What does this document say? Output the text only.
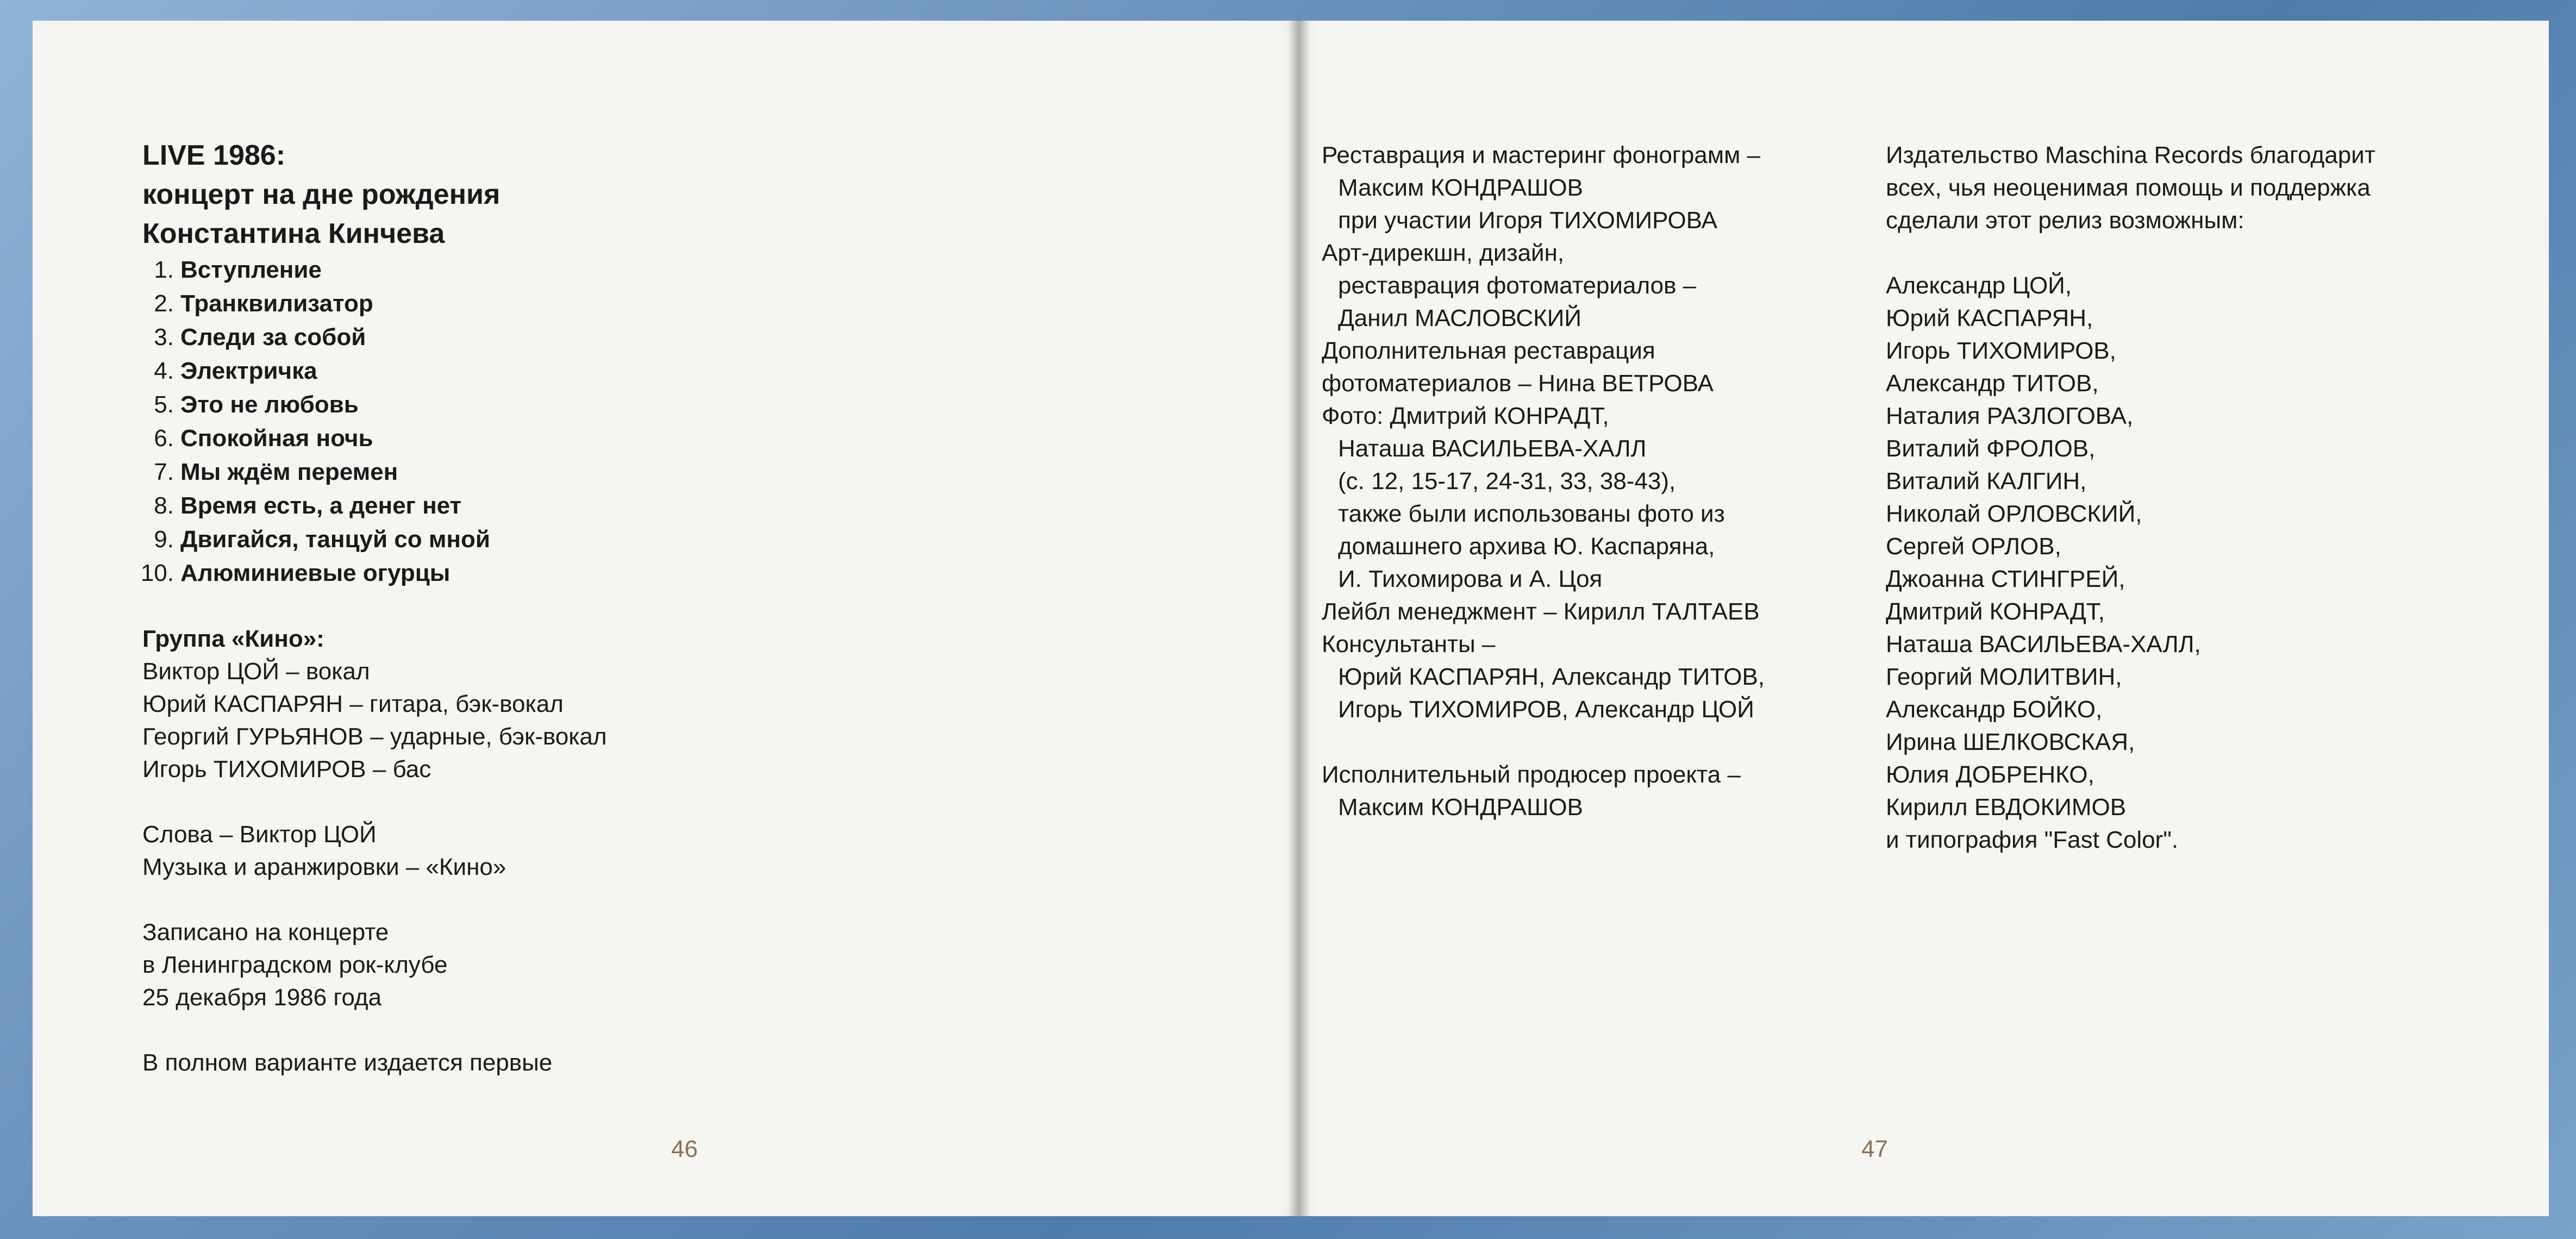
LIVE 1986:
концерт на дне рождения
Константина Кинчева
1. Вступление
2. Транквилизатор
3. Следи за собой
4. Электричка
5. Это не любовь
6. Спокойная ночь
7. Мы ждём перемен
8. Время есть, а денег нет
9. Двигайся, танцуй со мной
10. Алюминиевые огурцы
Группа «Кино»:
Виктор ЦОЙ – вокал
Юрий КАСПАРЯН – гитара, бэк-вокал
Георгий ГУРЬЯНОВ – ударные, бэк-вокал
Игорь ТИХОМИРОВ – бас
Слова – Виктор ЦОЙ
Музыка и аранжировки – «Кино»
Записано на концерте
в Ленинградском рок-клубе
25 декабря 1986 года
В полном варианте издается первые
46
Реставрация и мастеринг фонограмм –
Максим КОНДРАШОВ
при участии Игоря ТИХОМИРОВА
Арт-дирекшн, дизайн,
реставрация фотоматериалов –
Данил МАСЛОВСКИЙ
Дополнительная реставрация
фотоматериалов – Нина ВЕТРОВА
Фото: Дмитрий КОНРАДТ,
Наташа ВАСИЛЬЕВА-ХАЛЛ
(с. 12, 15-17, 24-31, 33, 38-43),
также были использованы фото из
домашнего архива Ю. Каспаряна,
И. Тихомирова и А. Цоя
Лейбл менеджмент – Кирилл ТАЛТАЕВ
Консультанты –
Юрий КАСПАРЯН, Александр ТИТОВ,
Игорь ТИХОМИРОВ, Александр ЦОЙ
Исполнительный продюсер проекта –
Максим КОНДРАШОВ
Издательство Maschina Records благодарит
всех, чья неоценимая помощь и поддержка
сделали этот релиз возможным:
Александр ЦОЙ,
Юрий КАСПАРЯН,
Игорь ТИХОМИРОВ,
Александр ТИТОВ,
Наталия РАЗЛОГОВА,
Виталий ФРОЛОВ,
Виталий КАЛГИН,
Николай ОРЛОВСКИЙ,
Сергей ОРЛОВ,
Джоанна СТИНГРЕЙ,
Дмитрий КОНРАДТ,
Наташа ВАСИЛЬЕВА-ХАЛЛ,
Георгий МОЛИТВИН,
Александр БОЙКО,
Ирина ШЕЛКОВСКАЯ,
Юлия ДОБРЕНКО,
Кирилл ЕВДОКИМОВ
и типография "Fast Color".
47
